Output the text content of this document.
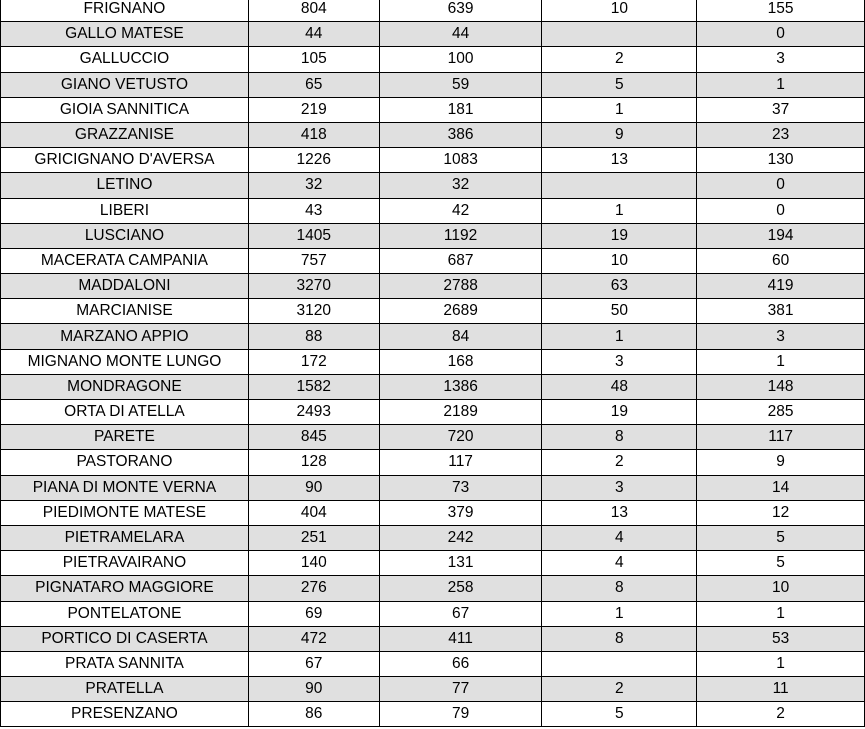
FRIGNANO	804	639	10	155
GALLO MATESE	44	44		0
GALLUCCIO	105	100	2	3
GIANO VETUSTO	65	59	5	1
GIOIA SANNITICA	219	181	1	37
GRAZZANISE	418	386	9	23
GRICIGNANO D'AVERSA	1226	1083	13	130
LETINO	32	32		0
LIBERI	43	42	1	0
LUSCIANO	1405	1192	19	194
MACERATA CAMPANIA	757	687	10	60
MADDALONI	3270	2788	63	419
MARCIANISE	3120	2689	50	381
MARZANO APPIO	88	84	1	3
MIGNANO MONTE LUNGO	172	168	3	1
MONDRAGONE	1582	1386	48	148
ORTA DI ATELLA	2493	2189	19	285
PARETE	845	720	8	117
PASTORANO	128	117	2	9
PIANA DI MONTE VERNA	90	73	3	14
PIEDIMONTE MATESE	404	379	13	12
PIETRAMELARA	251	242	4	5
PIETRAVAIRANO	140	131	4	5
PIGNATARO MAGGIORE	276	258	8	10
PONTELATONE	69	67	1	1
PORTICO DI CASERTA	472	411	8	53
PRATA SANNITA	67	66		1
PRATELLA	90	77	2	11
PRESENZANO	86	79	5	2
